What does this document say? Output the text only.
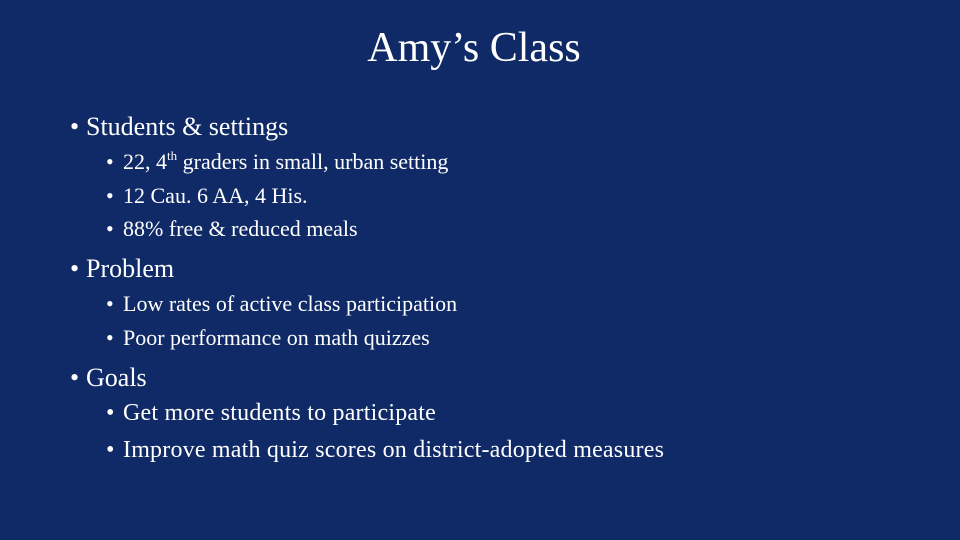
Amy’s Class
• Students & settings
• 22, 4th graders in small, urban setting
• 12 Cau. 6 AA, 4 His.
• 88% free & reduced meals
• Problem
• Low rates of active class participation
• Poor performance on math quizzes
• Goals
• Get more students to participate
• Improve math quiz scores on district-adopted measures
